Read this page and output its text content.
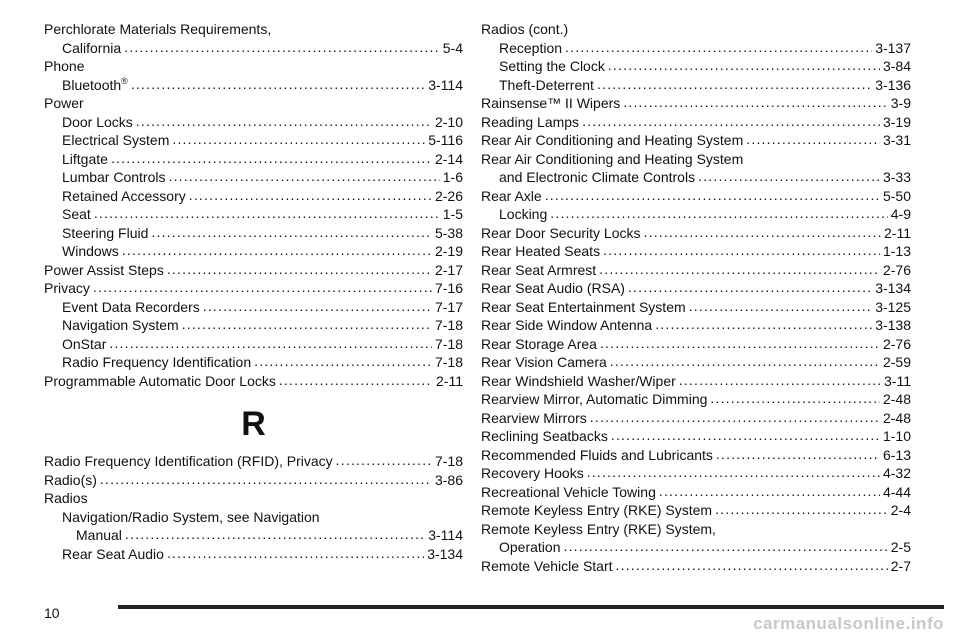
Perchlorate Materials Requirements,
California .....	5-4
Phone
Bluetooth® .....	3-114
Power
Door Locks .....	2-10
Electrical System .....	5-116
Liftgate .....	2-14
Lumbar Controls .....	1-6
Retained Accessory .....	2-26
Seat .....	1-5
Steering Fluid .....	5-38
Windows .....	2-19
Power Assist Steps .....	2-17
Privacy .....	7-16
Event Data Recorders .....	7-17
Navigation System .....	7-18
OnStar .....	7-18
Radio Frequency Identification .....	7-18
Programmable Automatic Door Locks .....	2-11
R
Radio Frequency Identification (RFID), Privacy .....	7-18
Radio(s) .....	3-86
Radios
Navigation/Radio System, see Navigation
Manual .....	3-114
Rear Seat Audio .....	3-134
Radios (cont.)
Reception .....	3-137
Setting the Clock .....	3-84
Theft-Deterrent .....	3-136
Rainsense™ II Wipers .....	3-9
Reading Lamps .....	3-19
Rear Air Conditioning and Heating System .....	3-31
Rear Air Conditioning and Heating System
and Electronic Climate Controls .....	3-33
Rear Axle .....	5-50
Locking .....	4-9
Rear Door Security Locks .....	2-11
Rear Heated Seats .....	1-13
Rear Seat Armrest .....	2-76
Rear Seat Audio (RSA) .....	3-134
Rear Seat Entertainment System .....	3-125
Rear Side Window Antenna .....	3-138
Rear Storage Area .....	2-76
Rear Vision Camera .....	2-59
Rear Windshield Washer/Wiper .....	3-11
Rearview Mirror, Automatic Dimming .....	2-48
Rearview Mirrors .....	2-48
Reclining Seatbacks .....	1-10
Recommended Fluids and Lubricants .....	6-13
Recovery Hooks .....	4-32
Recreational Vehicle Towing .....	4-44
Remote Keyless Entry (RKE) System .....	2-4
Remote Keyless Entry (RKE) System,
Operation .....	2-5
Remote Vehicle Start .....	2-7
10
carmanualsonline.info
